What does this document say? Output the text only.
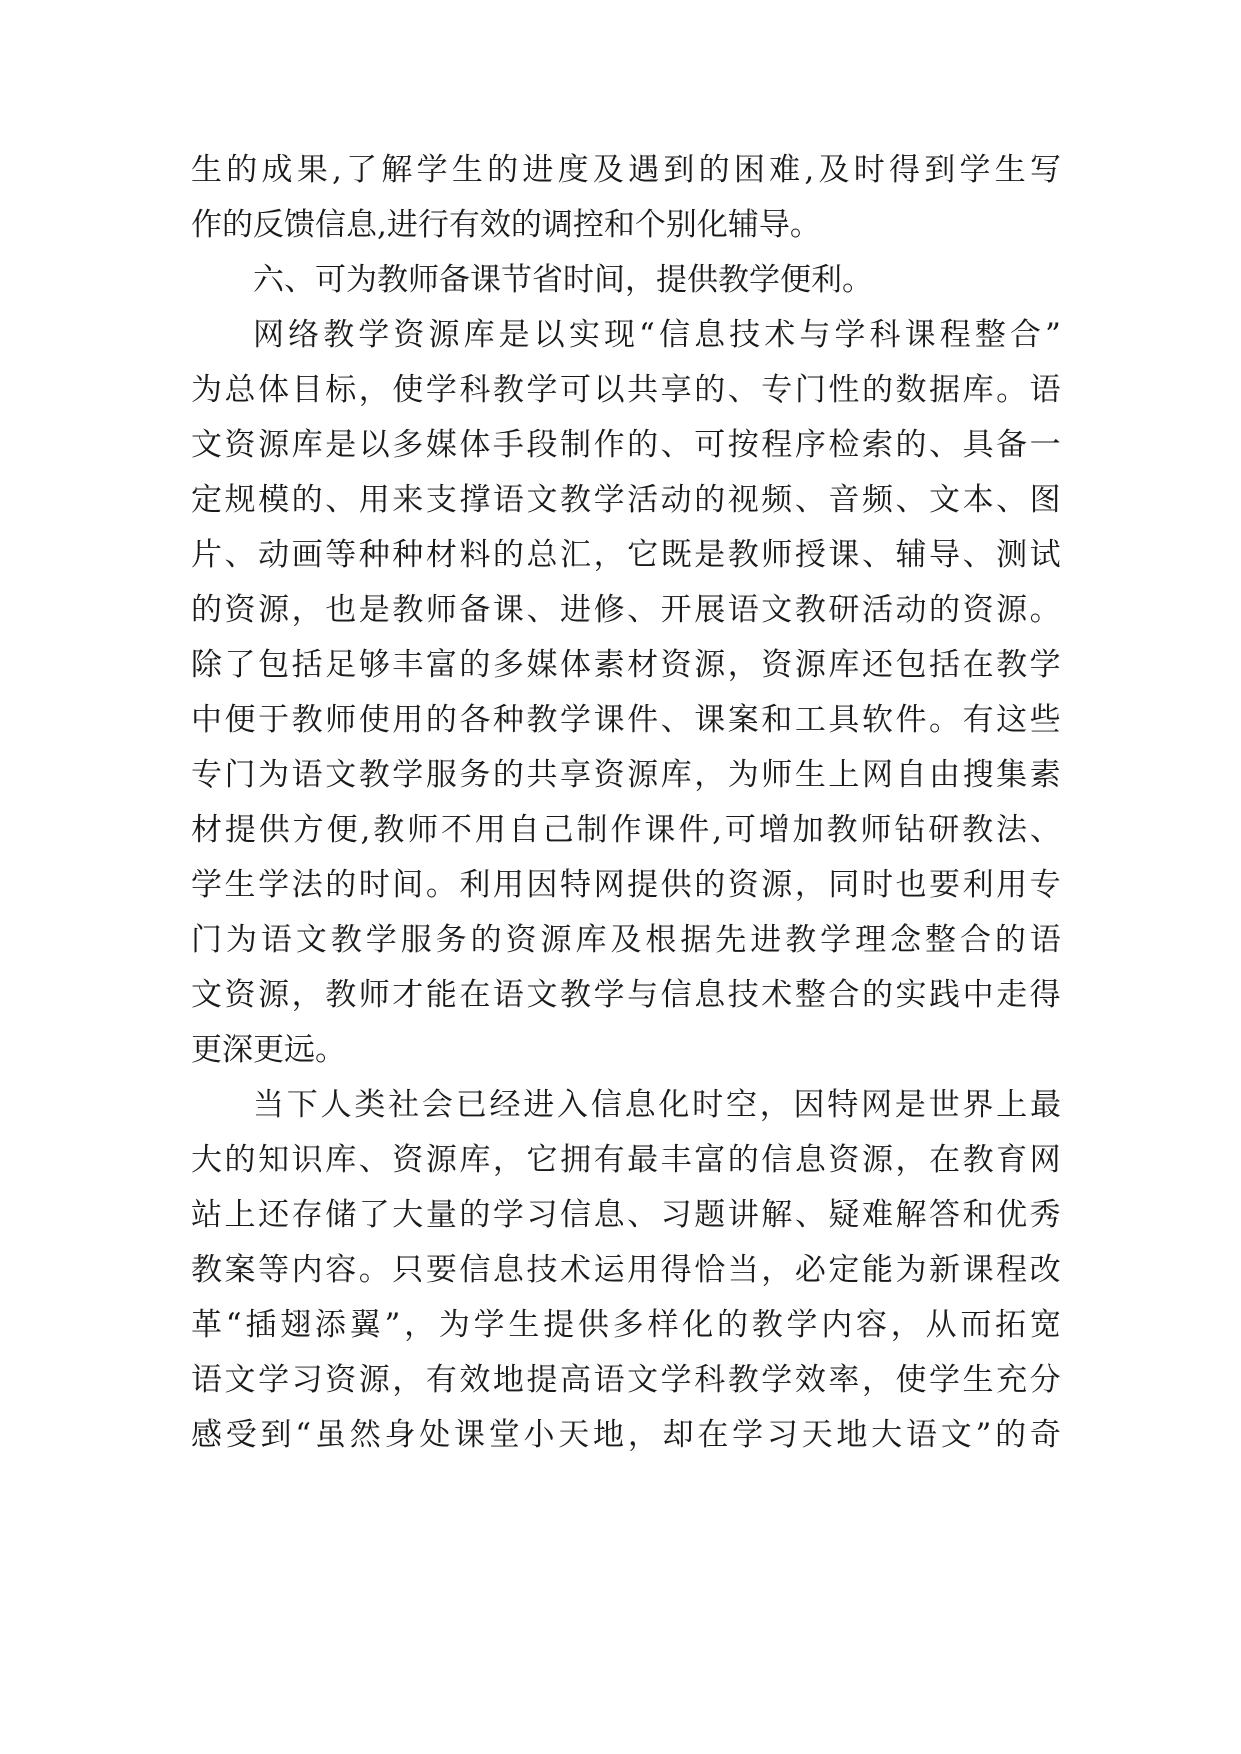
生 的 成 果 , 了 解 学 生 的 进 度 及 遇 到 的 困 难 , 及 时 得 到 学 生 写
作的反馈信息,进行有效的调控和个别化辅导。
六、可为教师备课节省时间，提供教学便利。
网 络 教 学 资 源 库 是 以 实 现 “ 信 息 技 术 与 学 科 课 程 整 合 ”
为 总 体 目 标 ， 使 学 科 教 学 可 以 共 享 的 、 专 门 性 的 数 据 库 。 语
文 资 源 库 是 以 多 媒 体 手 段 制 作 的 、 可 按 程 序 检 索 的 、 具 备 一
定 规 模 的 、 用 来 支 撑 语 文 教 学 活 动 的 视 频 、 音 频 、 文 本 、 图
片 、 动 画 等 种 种 材 料 的 总 汇 ， 它 既 是 教 师 授 课 、 辅 导 、 测 试
的 资 源 ， 也 是 教 师 备 课 、 进 修 、 开 展 语 文 教 研 活 动 的 资 源 。
除 了 包 括 足 够 丰 富 的 多 媒 体 素 材 资 源 ， 资 源 库 还 包 括 在 教 学
中 便 于 教 师 使 用 的 各 种 教 学 课 件 、 课 案 和 工 具 软 件 。 有 这 些
专 门 为 语 文 教 学 服 务 的 共 享 资 源 库 ， 为 师 生 上 网 自 由 搜 集 素
材 提 供 方 便 , 教 师 不 用 自 己 制 作 课 件 , 可 增 加 教 师 钻 研 教 法 、
学 生 学 法 的 时 间 。 利 用 因 特 网 提 供 的 资 源 ， 同 时 也 要 利 用 专
门 为 语 文 教 学 服 务 的 资 源 库 及 根 据 先 进 教 学 理 念 整 合 的 语
文 资 源 ， 教 师 才 能 在 语 文 教 学 与 信 息 技 术 整 合 的 实 践 中 走 得
更深更远。
当 下 人 类 社 会 已 经 进 入 信 息 化 时 空 ， 因 特 网 是 世 界 上 最
大 的 知 识 库 、 资 源 库 ， 它 拥 有 最 丰 富 的 信 息 资 源 ， 在 教 育 网
站 上 还 存 储 了 大 量 的 学 习 信 息 、 习 题 讲 解 、 疑 难 解 答 和 优 秀
教 案 等 内 容 。 只 要 信 息 技 术 运 用 得 恰 当 ， 必 定 能 为 新 课 程 改
革 “ 插 翅 添 翼 ” ， 为 学 生 提 供 多 样 化 的 教 学 内 容 ， 从 而 拓 宽
语 文 学 习 资 源 ， 有 效 地 提 高 语 文 学 科 教 学 效 率 ， 使 学 生 充 分
感 受 到 “ 虽 然 身 处 课 堂 小 天 地 ， 却 在 学 习 天 地 大 语 文 ” 的 奇
